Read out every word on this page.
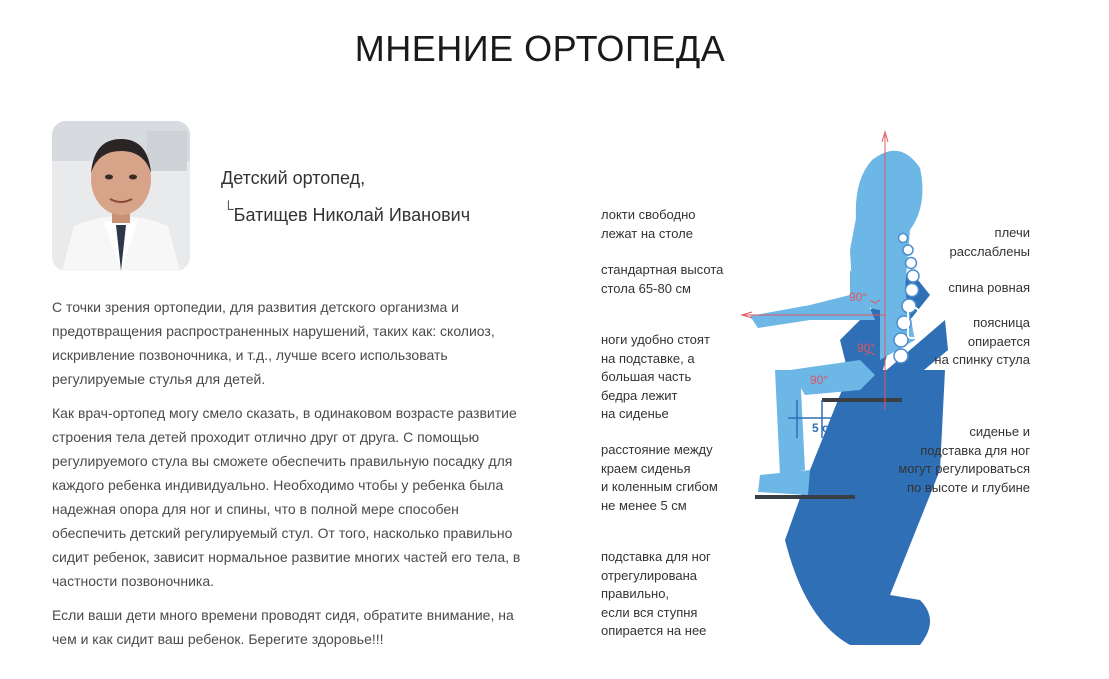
МНЕНИЕ ОРТОПЕДА
Детский ортопед,
└ Батищев Николай Иванович

С точки зрения ортопедии, для развития детского организма и предотвращения распространенных нарушений, таких как: сколиоз, искривление позвоночника, и т.д., лучше всего использовать регулируемые стулья для детей.

Как врач-ортопед могу смело сказать, в одинаковом возрасте развитие строения тела детей проходит отлично друг от друга. С помощью регулируемого стула вы сможете обеспечить правильную посадку для каждого ребенка индивидуально. Необходимо чтобы у ребенка была надежная опора для ног и спины, что в полной мере способен обеспечить детский регулируемый стул. От того, насколько правильно сидит ребенок, зависит нормальное развитие многих частей его тела, в частности позвоночника.

Если ваши дети много времени проводят сидя, обратите внимание, на чем и как сидит ваш ребенок. Берегите здоровье!!!

90°
90°
90°
5 см
локти свободно
лежат на столе
стандартная высота
стола 65-80 см
ноги удобно стоят
на подставке, а
большая часть
бедра лежит
на сиденье
расстояние между
краем сиденья
и коленным сгибом
не менее 5 см
подставка для ног
отрегулирована
правильно,
если вся ступня
опирается на нее
плечи
расслаблены
спина ровная
поясница
опирается
на спинку стула
сиденье и
подставка для ног
могут регулироваться
по высоте и глубине
